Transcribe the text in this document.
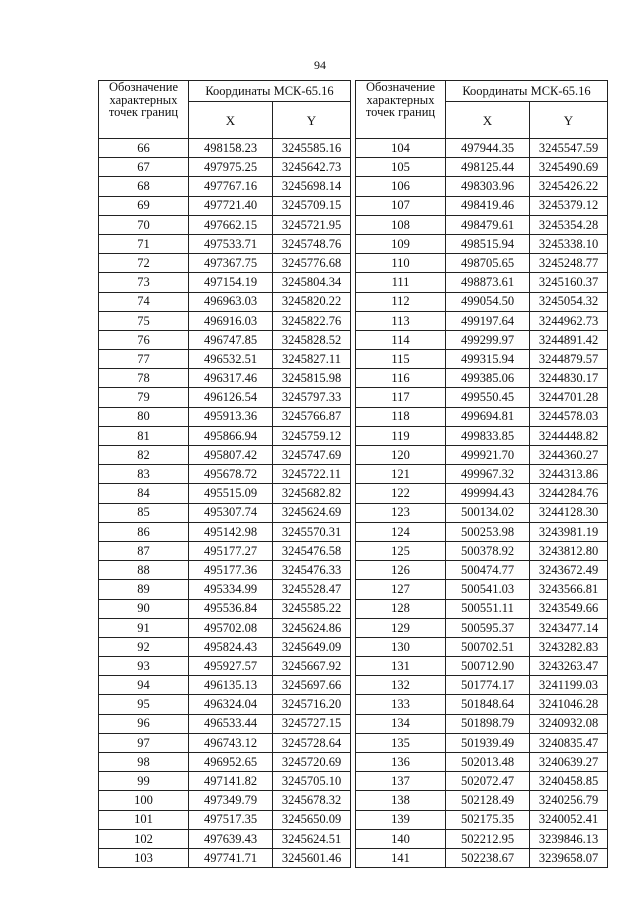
94
Обозначение
характерных
точек границ	Координаты МСК-65.16	
	X	Y
66	498158.23	3245585.16
67	497975.25	3245642.73
68	497767.16	3245698.14
69	497721.40	3245709.15
70	497662.15	3245721.95
71	497533.71	3245748.76
72	497367.75	3245776.68
73	497154.19	3245804.34
74	496963.03	3245820.22
75	496916.03	3245822.76
76	496747.85	3245828.52
77	496532.51	3245827.11
78	496317.46	3245815.98
79	496126.54	3245797.33
80	495913.36	3245766.87
81	495866.94	3245759.12
82	495807.42	3245747.69
83	495678.72	3245722.11
84	495515.09	3245682.82
85	495307.74	3245624.69
86	495142.98	3245570.31
87	495177.27	3245476.58
88	495177.36	3245476.33
89	495334.99	3245528.47
90	495536.84	3245585.22
91	495702.08	3245624.86
92	495824.43	3245649.09
93	495927.57	3245667.92
94	496135.13	3245697.66
95	496324.04	3245716.20
96	496533.44	3245727.15
97	496743.12	3245728.64
98	496952.65	3245720.69
99	497141.82	3245705.10
100	497349.79	3245678.32
101	497517.35	3245650.09
102	497639.43	3245624.51
103	497741.71	3245601.46
Обозначение
характерных
точек границ	Координаты МСК-65.16	
	X	Y
104	497944.35	3245547.59
105	498125.44	3245490.69
106	498303.96	3245426.22
107	498419.46	3245379.12
108	498479.61	3245354.28
109	498515.94	3245338.10
110	498705.65	3245248.77
111	498873.61	3245160.37
112	499054.50	3245054.32
113	499197.64	3244962.73
114	499299.97	3244891.42
115	499315.94	3244879.57
116	499385.06	3244830.17
117	499550.45	3244701.28
118	499694.81	3244578.03
119	499833.85	3244448.82
120	499921.70	3244360.27
121	499967.32	3244313.86
122	499994.43	3244284.76
123	500134.02	3244128.30
124	500253.98	3243981.19
125	500378.92	3243812.80
126	500474.77	3243672.49
127	500541.03	3243566.81
128	500551.11	3243549.66
129	500595.37	3243477.14
130	500702.51	3243282.83
131	500712.90	3243263.47
132	501774.17	3241199.03
133	501848.64	3241046.28
134	501898.79	3240932.08
135	501939.49	3240835.47
136	502013.48	3240639.27
137	502072.47	3240458.85
138	502128.49	3240256.79
139	502175.35	3240052.41
140	502212.95	3239846.13
141	502238.67	3239658.07
